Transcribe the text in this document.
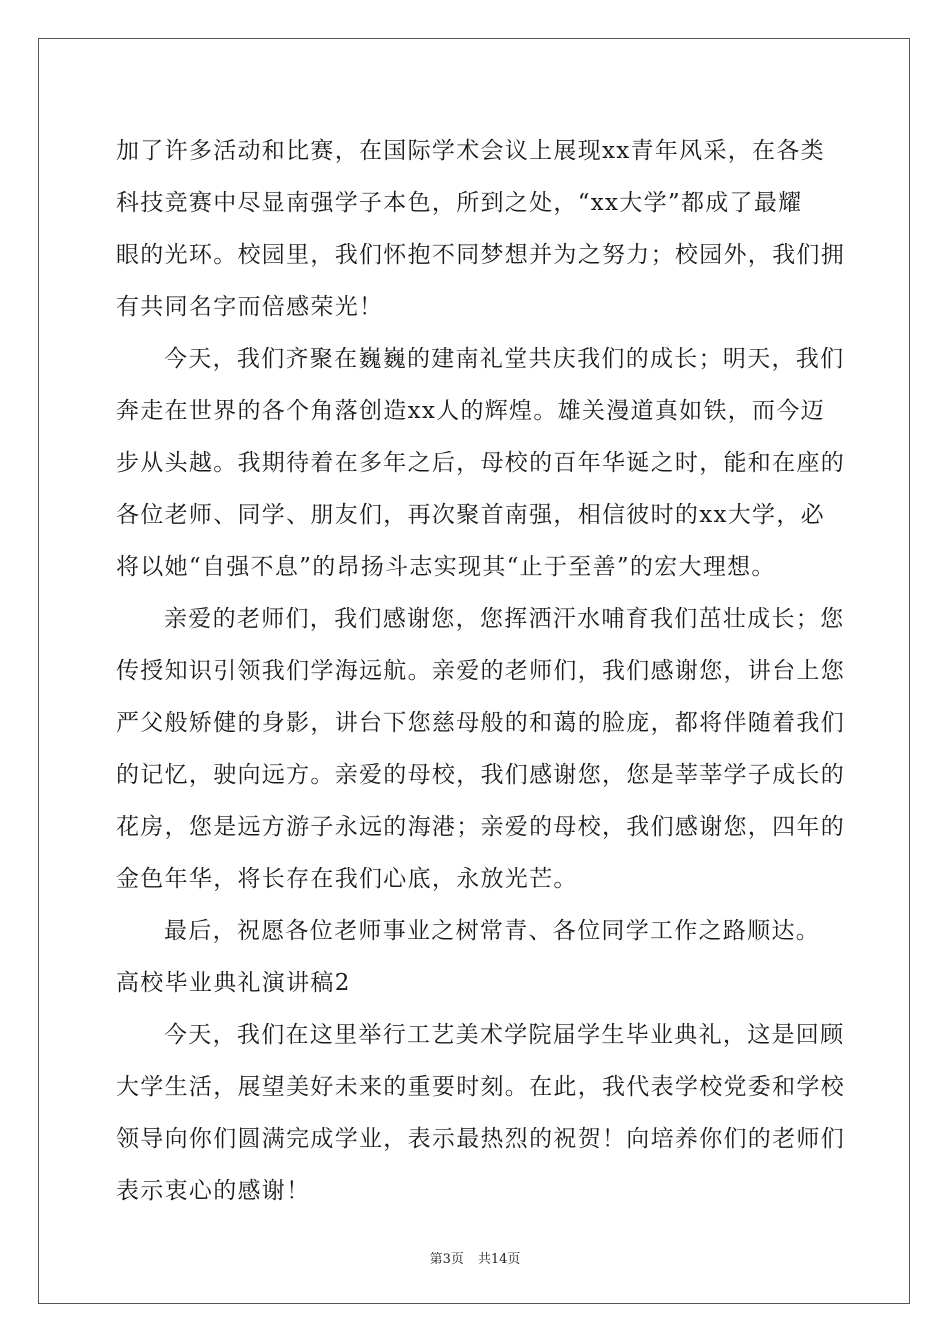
加了许多活动和比赛，在国际学术会议上展现xx青年风采，在各类
科技竞赛中尽显南强学子本色，所到之处，“xx大学”都成了最耀
眼的光环。校园里，我们怀抱不同梦想并为之努力；校园外，我们拥
有共同名字而倍感荣光！
今天，我们齐聚在巍巍的建南礼堂共庆我们的成长；明天，我们
奔走在世界的各个角落创造xx人的辉煌。雄关漫道真如铁，而今迈
步从头越。我期待着在多年之后，母校的百年华诞之时，能和在座的
各位老师、同学、朋友们，再次聚首南强，相信彼时的xx大学，必
将以她“自强不息”的昂扬斗志实现其“止于至善”的宏大理想。
亲爱的老师们，我们感谢您，您挥洒汗水哺育我们茁壮成长；您
传授知识引领我们学海远航。亲爱的老师们，我们感谢您，讲台上您
严父般矫健的身影，讲台下您慈母般的和蔼的脸庞，都将伴随着我们
的记忆，驶向远方。亲爱的母校，我们感谢您，您是莘莘学子成长的
花房，您是远方游子永远的海港；亲爱的母校，我们感谢您，四年的
金色年华，将长存在我们心底，永放光芒。
最后，祝愿各位老师事业之树常青、各位同学工作之路顺达。
高校毕业典礼演讲稿2
今天，我们在这里举行工艺美术学院届学生毕业典礼，这是回顾
大学生活，展望美好未来的重要时刻。在此，我代表学校党委和学校
领导向你们圆满完成学业，表示最热烈的祝贺！向培养你们的老师们
表示衷心的感谢！
第3页 共14页
